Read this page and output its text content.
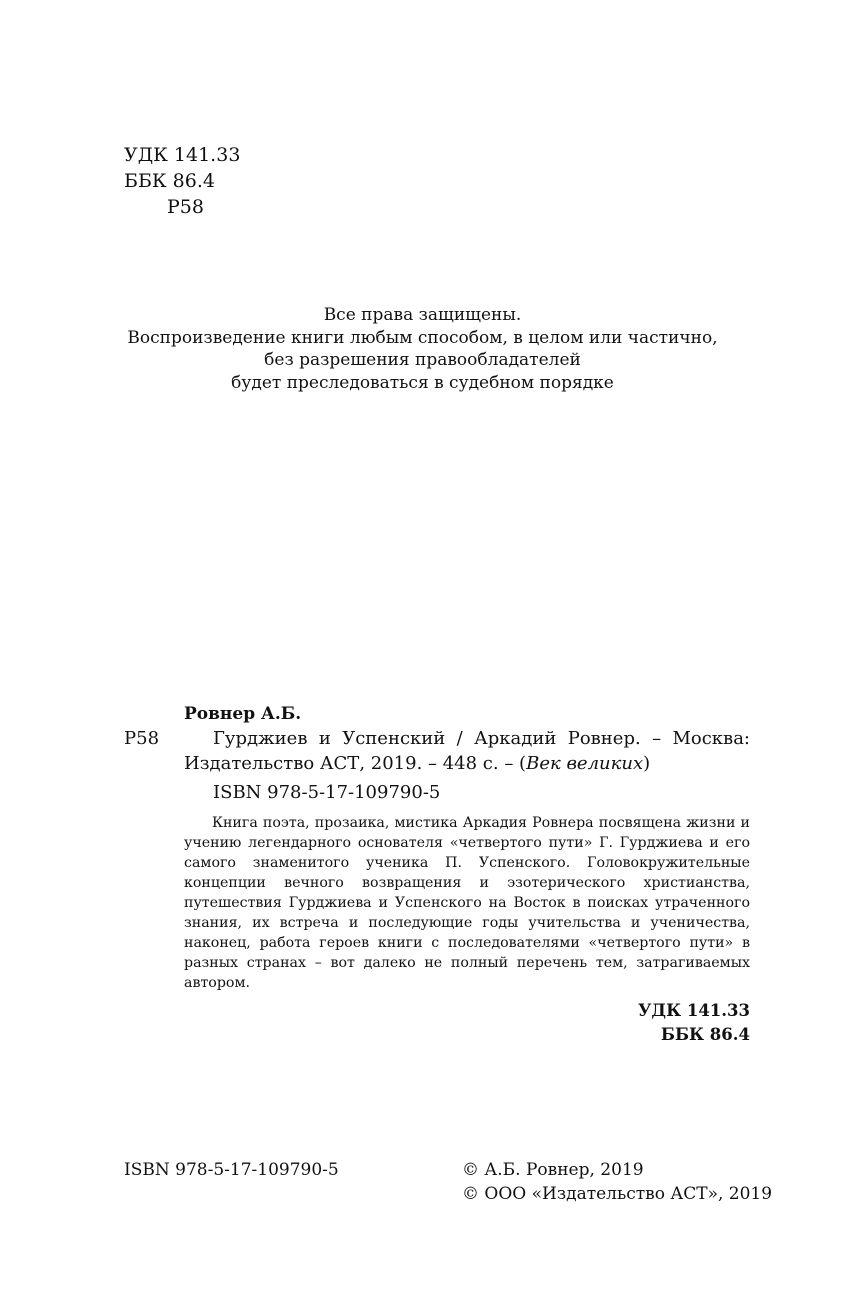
УДК 141.33
ББК 86.4
Р58
Все права защищены.
Воспроизведение книги любым способом, в целом или частично,
без разрешения правообладателей
будет преследоваться в судебном порядке
Ровнер А.Б.
Р58	Гурджиев и Успенский / Аркадий Ровнер. – Москва:
Издательство АСТ, 2019. – 448 с. – (Век великих)
ISBN 978-5-17-109790-5
Книга поэта, прозаика, мистика Аркадия Ровнера посвящена жизни и учению легендарного основателя «четвертого пути» Г. Гурджиева и его самого знаменитого ученика П. Успенского. Головокружительные концепции вечного возвращения и эзотерического христианства, путешествия Гурджиева и Успенского на Восток в поисках утраченного знания, их встреча и последующие годы учительства и ученичества, наконец, работа героев книги с последователями «четвертого пути» в разных странах – вот далеко не полный перечень тем, затрагиваемых автором.
УДК 141.33
ББК 86.4
ISBN 978-5-17-109790-5	© А.Б. Ровнер, 2019
© ООО «Издательство АСТ», 2019
